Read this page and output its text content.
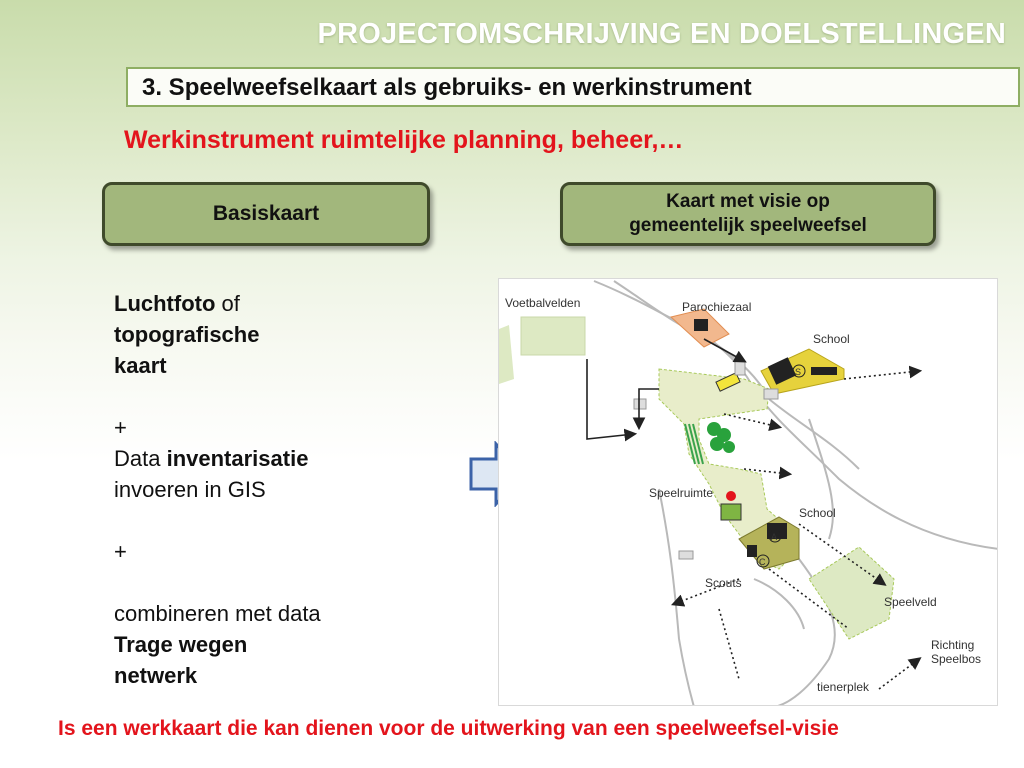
PROJECTOMSCHRIJVING EN DOELSTELLINGEN
3. Speelweefselkaart als gebruiks- en werkinstrument
Werkinstrument ruimtelijke planning, beheer,…
Basiskaart
Kaart met visie op
gemeentelijk speelweefsel

Luchtfoto of

topografische

kaart

+

Data inventarisatie

invoeren in GIS

+

combineren met data

Trage wegen

netwerk

S
A
C
Voetbalvelden	Parochiezaal
School
Speelruimte
School
Scouts
Speelveld
Richting
Speelbos
tienerplek
Is een werkkaart die kan dienen voor de uitwerking van een speelweefsel-visie
